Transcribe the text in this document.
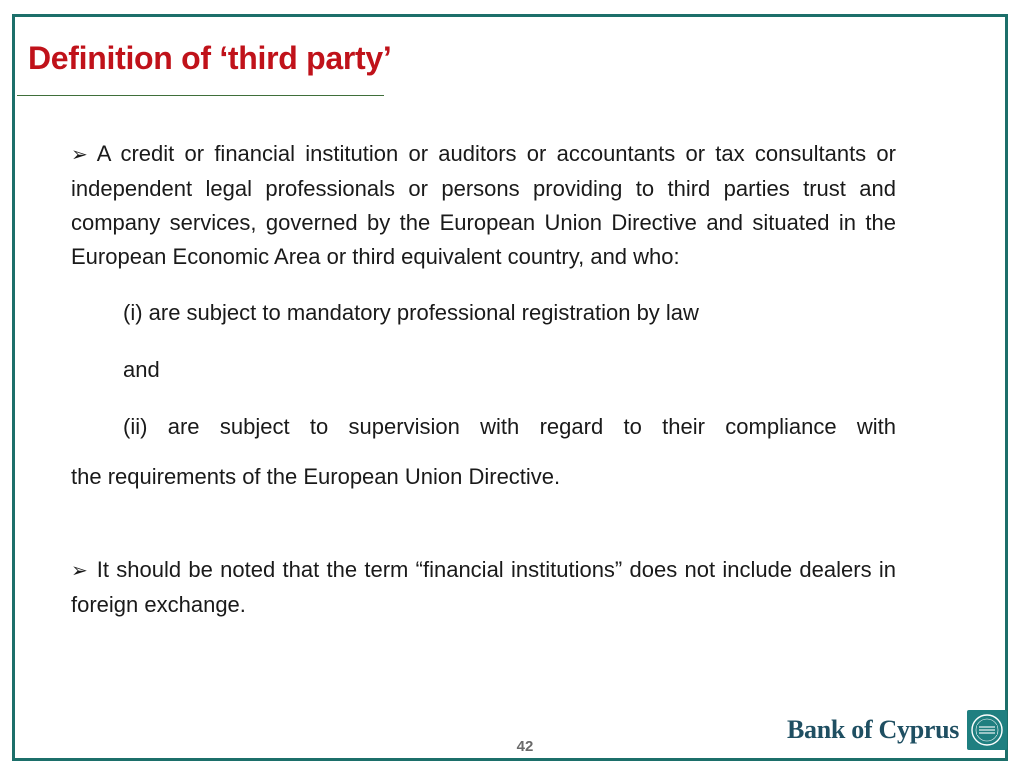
Definition of ‘third party’

➢ A credit or financial institution or auditors or accountants or tax consultants or independent legal professionals or persons providing to third parties trust and company services, governed by the European Union Directive and situated in the European Economic Area or third equivalent country, and who:

(i) are subject to mandatory professional registration by law

and

(ii) are subject to supervision with regard to their compliance with

the requirements of the European Union Directive.

➢ It should be noted that the term “financial institutions” does not include dealers in foreign exchange.

42
Bank of Cyprus
